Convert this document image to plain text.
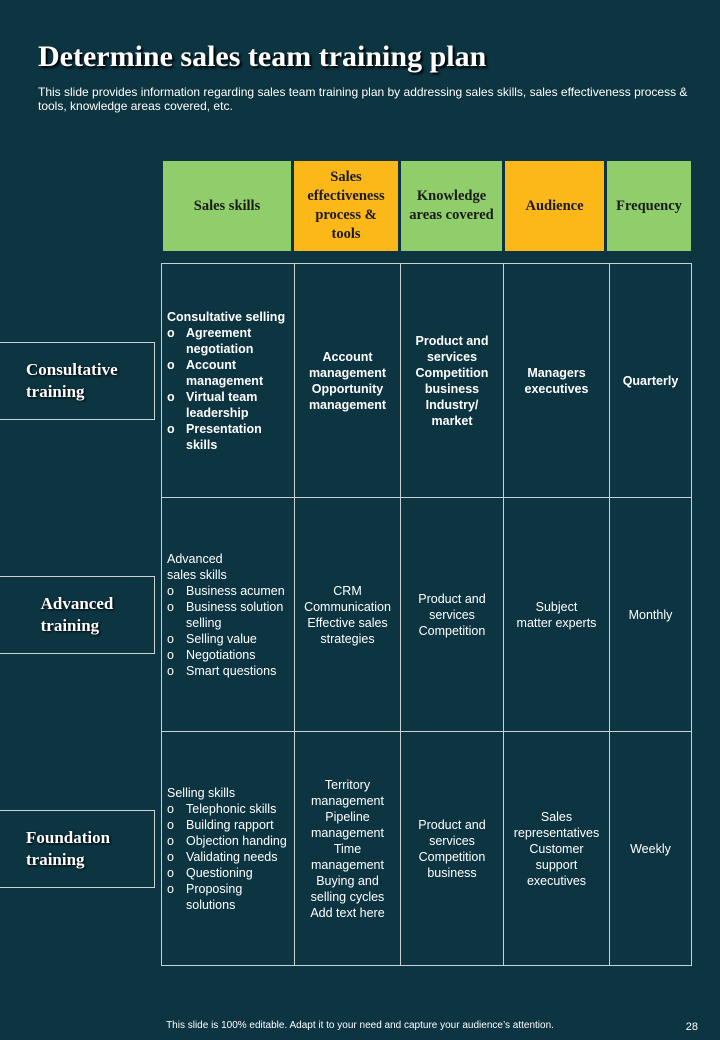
Determine sales team training plan

This slide provides information regarding sales team training plan by addressing sales skills, sales effectiveness process & tools, knowledge areas covered, etc.

Sales skills
Sales effectiveness process & tools
Knowledge areas covered
Audience	Frequency
Consultative
training
Advanced
training
Foundation
training
Consultative selling
o Agreement negotiation
o Account management
o Virtual team leadership
o Presentation skills
Account management Opportunity management
Product and services Competition business Industry/ market
Managers executives
Quarterly
Advanced
sales skills
o Business acumen
o Business solution selling
o Selling value
o Negotiations
o Smart questions
CRM
Communication
Effective sales strategies
Product and services Competition
Subject
matter experts
Monthly
Selling skills
o Telephonic skills
o Building rapport
o Objection handing
o Validating needs
o Questioning
o Proposing solutions
Territory management Pipeline management Time management Buying and selling cycles Add text here
Product and services Competition business
Sales representatives Customer support executives
Weekly
This slide is 100% editable. Adapt it to your need and capture your audience’s attention.	28
